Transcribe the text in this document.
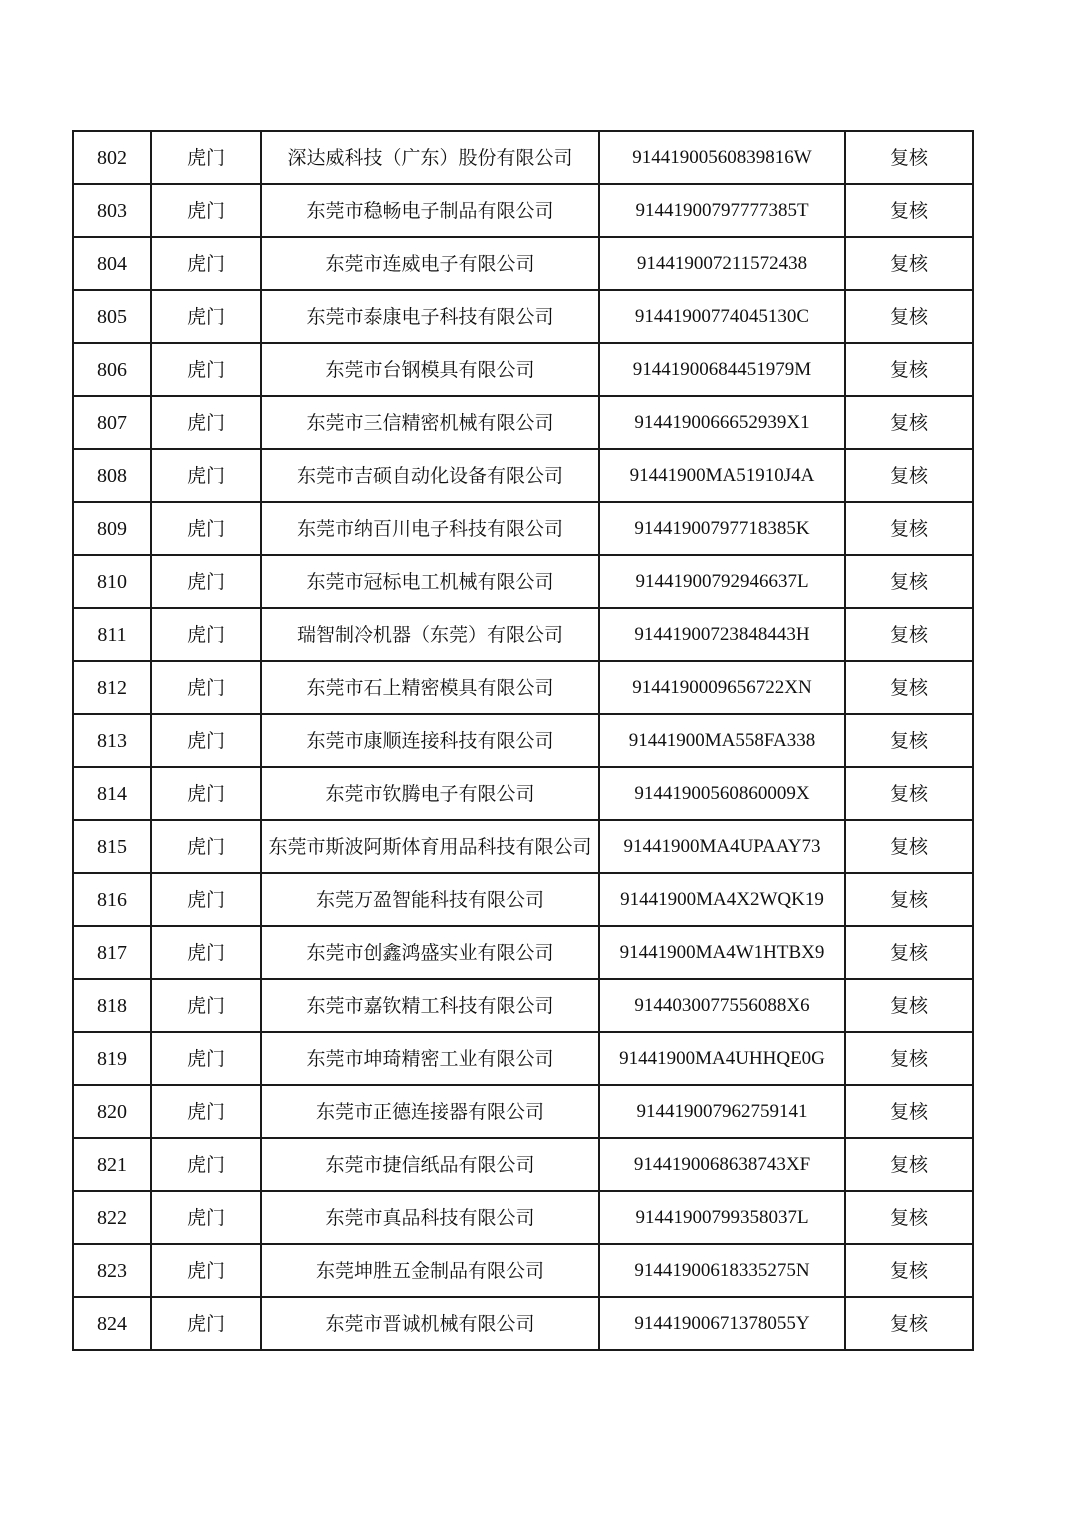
802	虎门	深达威科技（广东）股份有限公司	91441900560839816W	复核
803	虎门	东莞市稳畅电子制品有限公司	91441900797777385T	复核
804	虎门	东莞市连威电子有限公司	914419007211572438	复核
805	虎门	东莞市泰康电子科技有限公司	91441900774045130C	复核
806	虎门	东莞市台钢模具有限公司	91441900684451979M	复核
807	虎门	东莞市三信精密机械有限公司	9144190066652939X1	复核
808	虎门	东莞市吉硕自动化设备有限公司	91441900MA51910J4A	复核
809	虎门	东莞市纳百川电子科技有限公司	91441900797718385K	复核
810	虎门	东莞市冠标电工机械有限公司	91441900792946637L	复核
811	虎门	瑞智制冷机器（东莞）有限公司	91441900723848443H	复核
812	虎门	东莞市石上精密模具有限公司	9144190009656722XN	复核
813	虎门	东莞市康顺连接科技有限公司	91441900MA558FA338	复核
814	虎门	东莞市钦腾电子有限公司	91441900560860009X	复核
815	虎门	东莞市斯波阿斯体育用品科技有限公司	91441900MA4UPAAY73	复核
816	虎门	东莞万盈智能科技有限公司	91441900MA4X2WQK19	复核
817	虎门	东莞市创鑫鸿盛实业有限公司	91441900MA4W1HTBX9	复核
818	虎门	东莞市嘉钦精工科技有限公司	9144030077556088X6	复核
819	虎门	东莞市坤琦精密工业有限公司	91441900MA4UHHQE0G	复核
820	虎门	东莞市正德连接器有限公司	914419007962759141	复核
821	虎门	东莞市捷信纸品有限公司	9144190068638743XF	复核
822	虎门	东莞市真品科技有限公司	91441900799358037L	复核
823	虎门	东莞坤胜五金制品有限公司	91441900618335275N	复核
824	虎门	东莞市晋诚机械有限公司	91441900671378055Y	复核
